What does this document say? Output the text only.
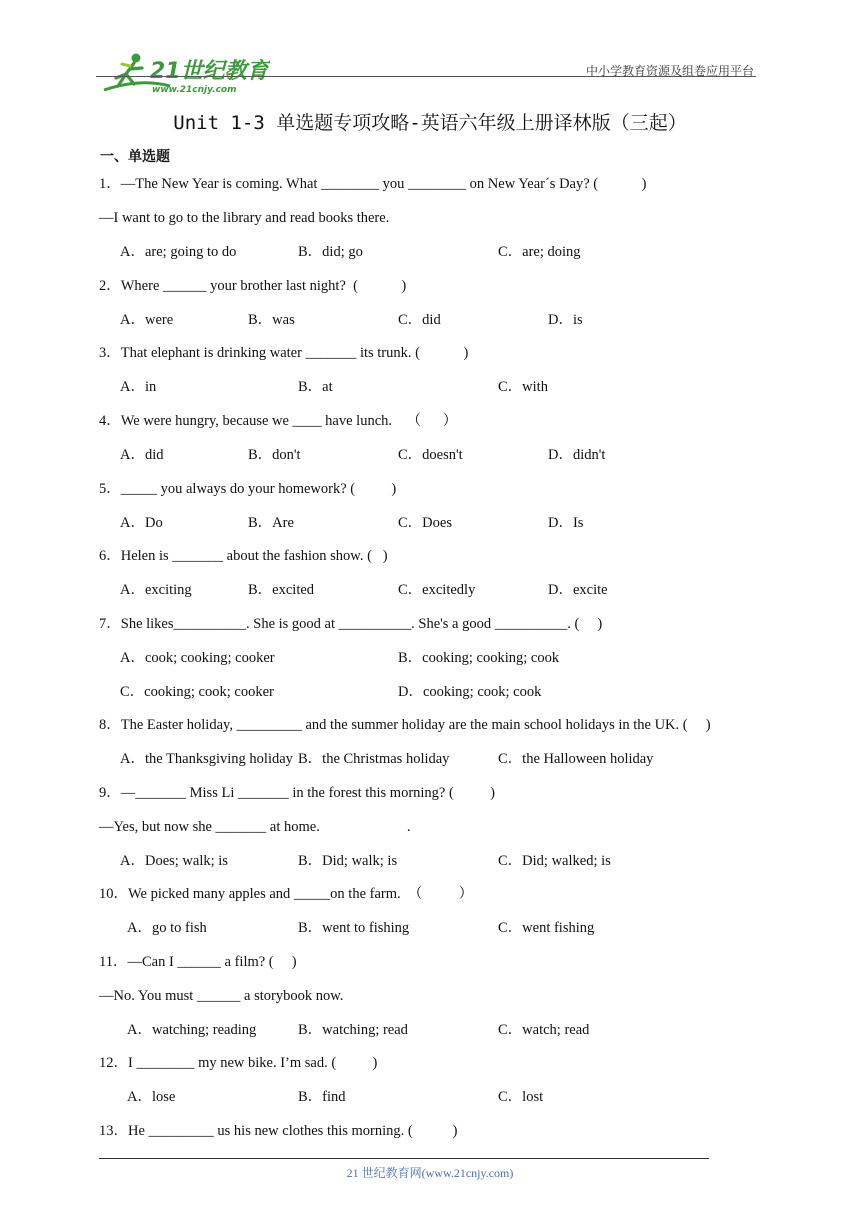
21世纪教育
www.21cnjy.com

中小学教育资源及组卷应用平台
Unit 1-3 单选题专项攻略-英语六年级上册译林版（三起）
一、单选题
1．—The New Year is coming. What ________ you ________ on New Year´s Day? (            )
—I want to go to the library and read books there.
A．are; going to do	B．did; go	C．are; doing
2．Where ______ your brother last night?  (            )
A．were	B．was	C．did	D．is
3．That elephant is drinking water _______ its trunk. (            )
A．in	B．at	C．with
4．We were hungry, because we ____ have lunch.    （      ）
A．did	B．don't	C．doesn't	D．didn't
5．_____ you always do your homework? (          )
A．Do	B．Are	C．Does	D．Is
6．Helen is _______ about the fashion show. (   )
A．exciting	B．excited	C．excitedly	D．excite
7．She likes__________. She is good at __________. She's a good __________. (     )
A．cook; cooking; cooker	B．cooking; cooking; cook
C．cooking; cook; cooker	D．cooking; cook; cook
8．The Easter holiday, _________ and the summer holiday are the main school holidays in the UK. (     )
A．the Thanksgiving holiday B．the Christmas holiday	C．the Halloween holiday
9．—_______ Miss Li _______ in the forest this morning? (          )
—Yes, but now she _______ at home.                        .
A．Does; walk; is	B．Did; walk; is	C．Did; walked; is
10．We picked many apples and _____on the farm.  （          ）
A．go to fish	B．went to fishing	C．went fishing
11．—Can I ______ a film? (     )
—No. You must ______ a storybook now.
A．watching; reading	B．watching; read	C．watch; read
12．I ________ my new bike. I’m sad. (          )
A．lose	B．find	C．lost
13．He _________ us his new clothes this morning. (           )
21 世纪教育网(www.21cnjy.com)
